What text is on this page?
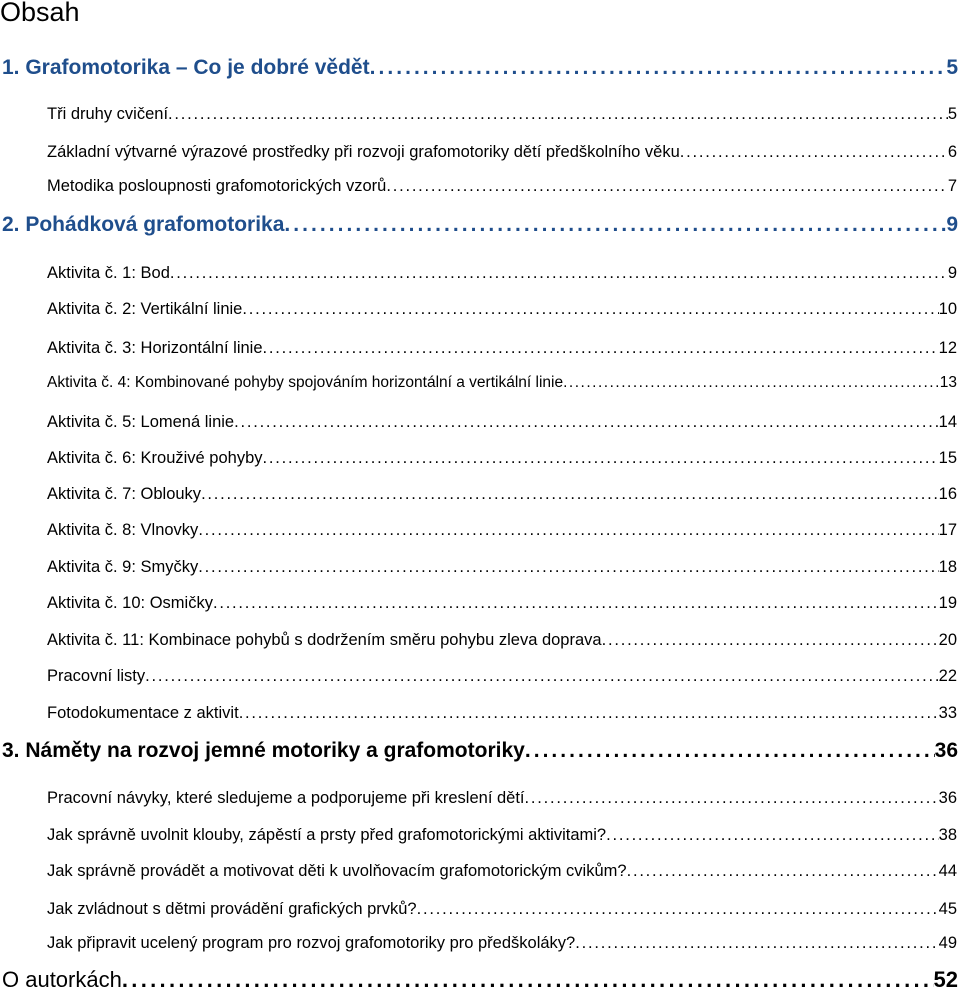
Obsah
1. Grafomotorika – Co je dobré vědět . . .	5
Tři druhy cvičení . . .	5
Základní výtvarné výrazové prostředky při rozvoji grafomotoriky dětí předškolního věku . . .	6
Metodika posloupnosti grafomotorických vzorů . . .	7
2. Pohádková grafomotorika . . .	9
Aktivita č. 1: Bod . . .	9
Aktivita č. 2: Vertikální linie . . .	10
Aktivita č. 3: Horizontální linie . . .	12
Aktivita č. 4: Kombinované pohyby spojováním horizontální a vertikální linie . . .	13
Aktivita č. 5: Lomená linie . . .	14
Aktivita č. 6: Krouživé pohyby . . .	15
Aktivita č. 7: Oblouky . . .	16
Aktivita č. 8: Vlnovky . . .	17
Aktivita č. 9: Smyčky . . .	18
Aktivita č. 10: Osmičky . . .	19
Aktivita č. 11: Kombinace pohybů s dodržením směru pohybu zleva doprava . . .	20
Pracovní listy . . .	22
Fotodokumentace z aktivit . . .	33
3. Náměty na rozvoj jemné motoriky a grafomotoriky . . .	36
Pracovní návyky, které sledujeme a podporujeme při kreslení dětí . . .	36
Jak správně uvolnit klouby, zápěstí a prsty před grafomotorickými aktivitami? . . .	38
Jak správně provádět a motivovat děti k uvolňovacím grafomotorickým cvikům? . . .	44
Jak zvládnout s dětmi provádění grafických prvků? . . .	45
Jak připravit ucelený program pro rozvoj grafomotoriky pro předškoláky? . . .	49
O autorkách . . .	52
